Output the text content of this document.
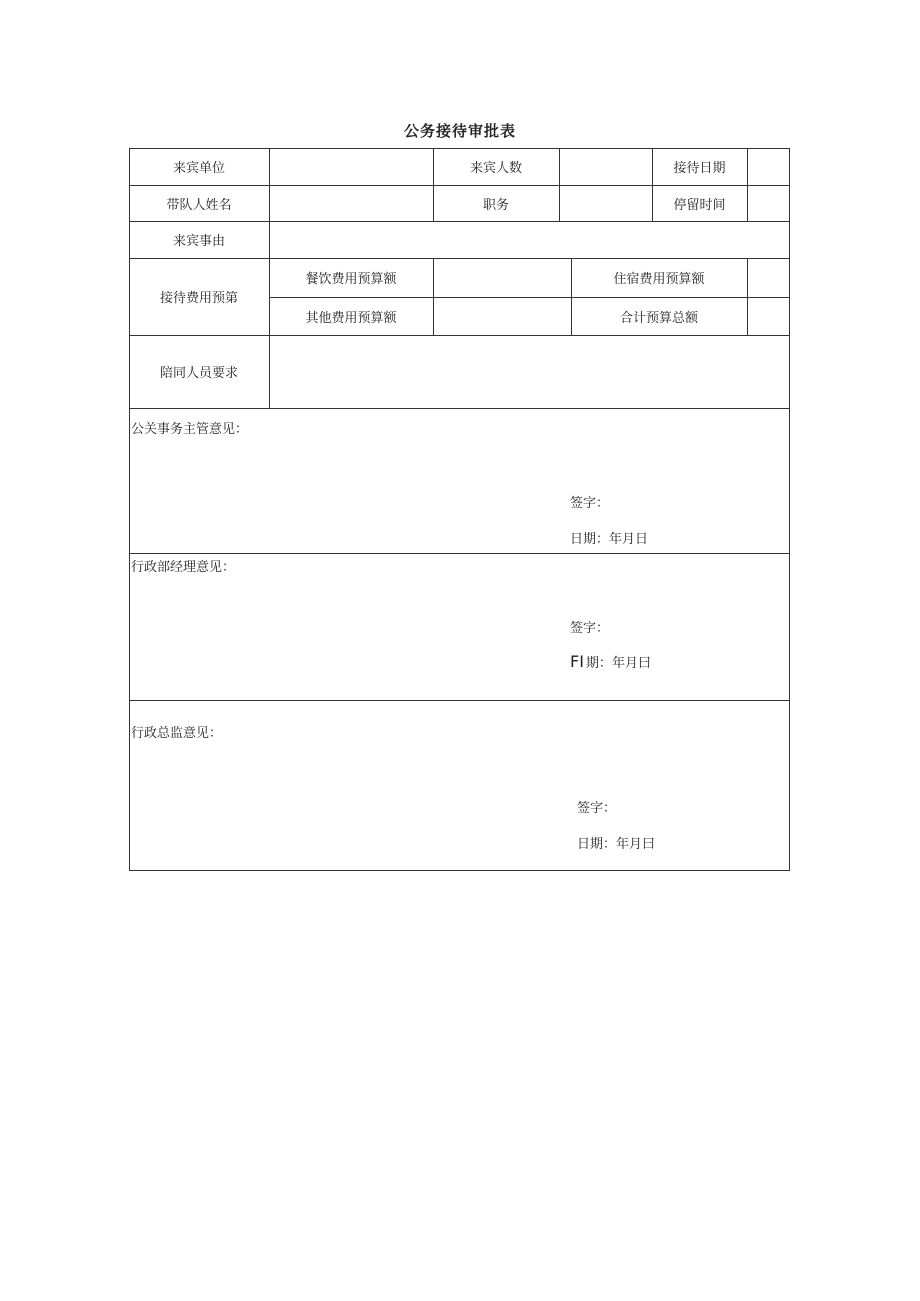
公务接待审批表
来宾单位	来宾人数	接待日期
带队人姓名	职务	停留时间
来宾事由
接待费用预第
餐饮费用预算额	住宿费用预算额
其他费用预算额	合计预算总额
陪同人员要求
公关事务主管意见：
签字：
日期：年月日
行政部经理意见：
签字：
FI 期：年月曰
行政总监意见：
签字：
日期：年月曰
